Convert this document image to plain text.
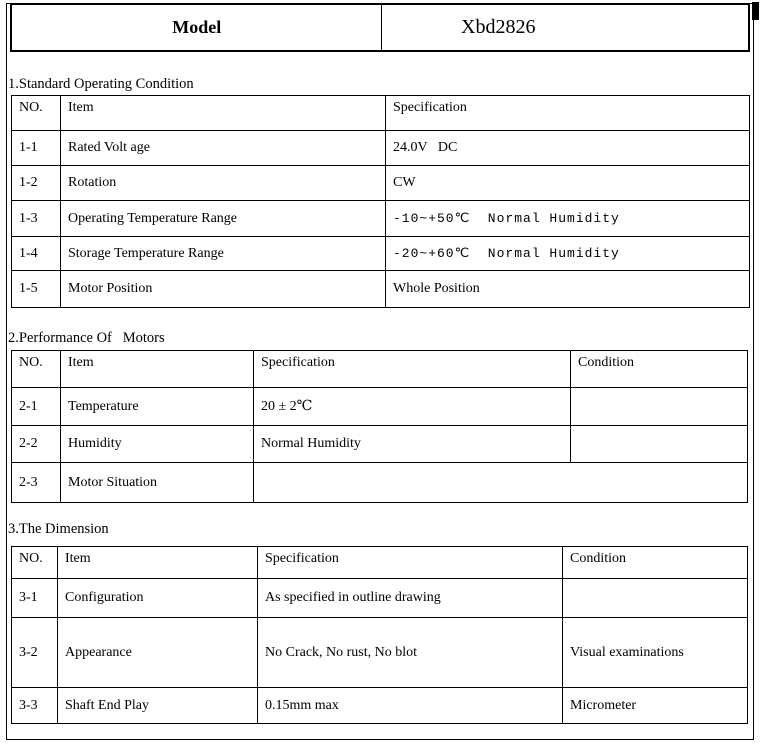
Model	Xbd2826
1.Standard Operating Condition
NO.	Item	Specification
1-1	Rated Volt age	24.0V   DC
1-2	Rotation	CW
1-3	Operating Temperature Range	-10~+50℃  Normal Humidity
1-4	Storage Temperature Range	-20~+60℃  Normal Humidity
1-5	Motor Position	Whole Position
2.Performance Of   Motors
NO.	Item	Specification	Condition
2-1	Temperature	20 ± 2℃	
2-2	Humidity	Normal Humidity	
2-3	Motor Situation		
3.The Dimension
NO.	Item	Specification	Condition
3-1	Configuration	As specified in outline drawing	
3-2	Appearance	No Crack, No rust, No blot	Visual examinations
3-3	Shaft End Play	0.15mm max	Micrometer
